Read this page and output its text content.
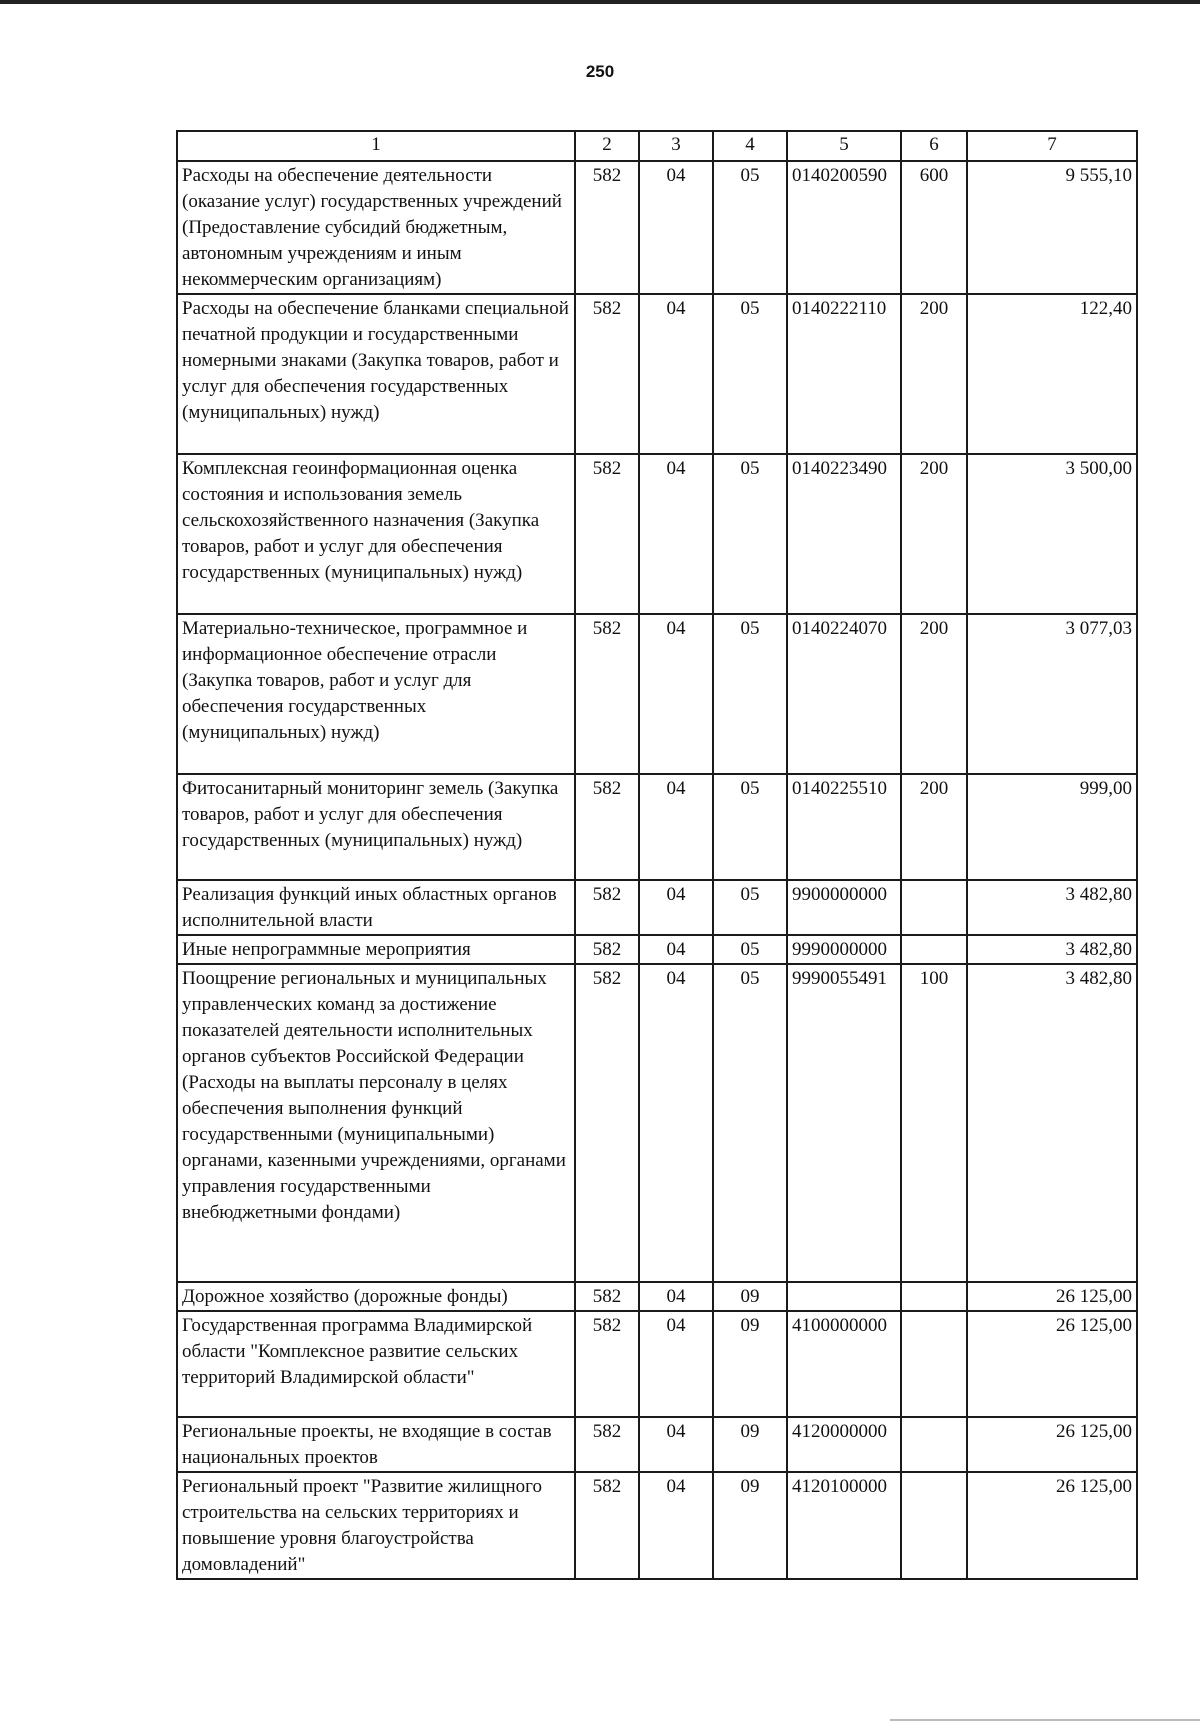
250
1	2	3	4	5	6	7
Расходы на обеспечение деятельности (оказание услуг) государственных учреждений (Предоставление субсидий бюджетным, автономным учреждениям и иным некоммерческим организациям)	582	04	05	0140200590	600	9 555,10
Расходы на обеспечение бланками специальной печатной продукции и государственными номерными знаками (Закупка товаров, работ и услуг для обеспечения государственных (муниципальных) нужд)	582	04	05	0140222110	200	122,40
Комплексная геоинформационная оценка состояния и использования земель сельскохозяйственного назначения (Закупка товаров, работ и услуг для обеспечения государственных (муниципальных) нужд)	582	04	05	0140223490	200	3 500,00
Материально-техническое, программное и информационное обеспечение отрасли (Закупка товаров, работ и услуг для обеспечения государственных (муниципальных) нужд)	582	04	05	0140224070	200	3 077,03
Фитосанитарный мониторинг земель (Закупка товаров, работ и услуг для обеспечения государственных (муниципальных) нужд)	582	04	05	0140225510	200	999,00
Реализация функций иных областных органов исполнительной власти	582	04	05	9900000000		3 482,80
Иные непрограммные мероприятия	582	04	05	9990000000		3 482,80
Поощрение региональных и муниципальных управленческих команд за достижение показателей деятельности исполнительных органов субъектов Российской Федерации (Расходы на выплаты персоналу в целях обеспечения выполнения функций государственными (муниципальными) органами, казенными учреждениями, органами управления государственными внебюджетными фондами)	582	04	05	9990055491	100	3 482,80
Дорожное хозяйство (дорожные фонды)	582	04	09			26 125,00
Государственная программа Владимирской области "Комплексное развитие сельских территорий Владимирской области"	582	04	09	4100000000		26 125,00
Региональные проекты, не входящие в состав национальных проектов	582	04	09	4120000000		26 125,00
Региональный проект "Развитие жилищного строительства на сельских территориях и повышение уровня благоустройства домовладений"	582	04	09	4120100000		26 125,00
